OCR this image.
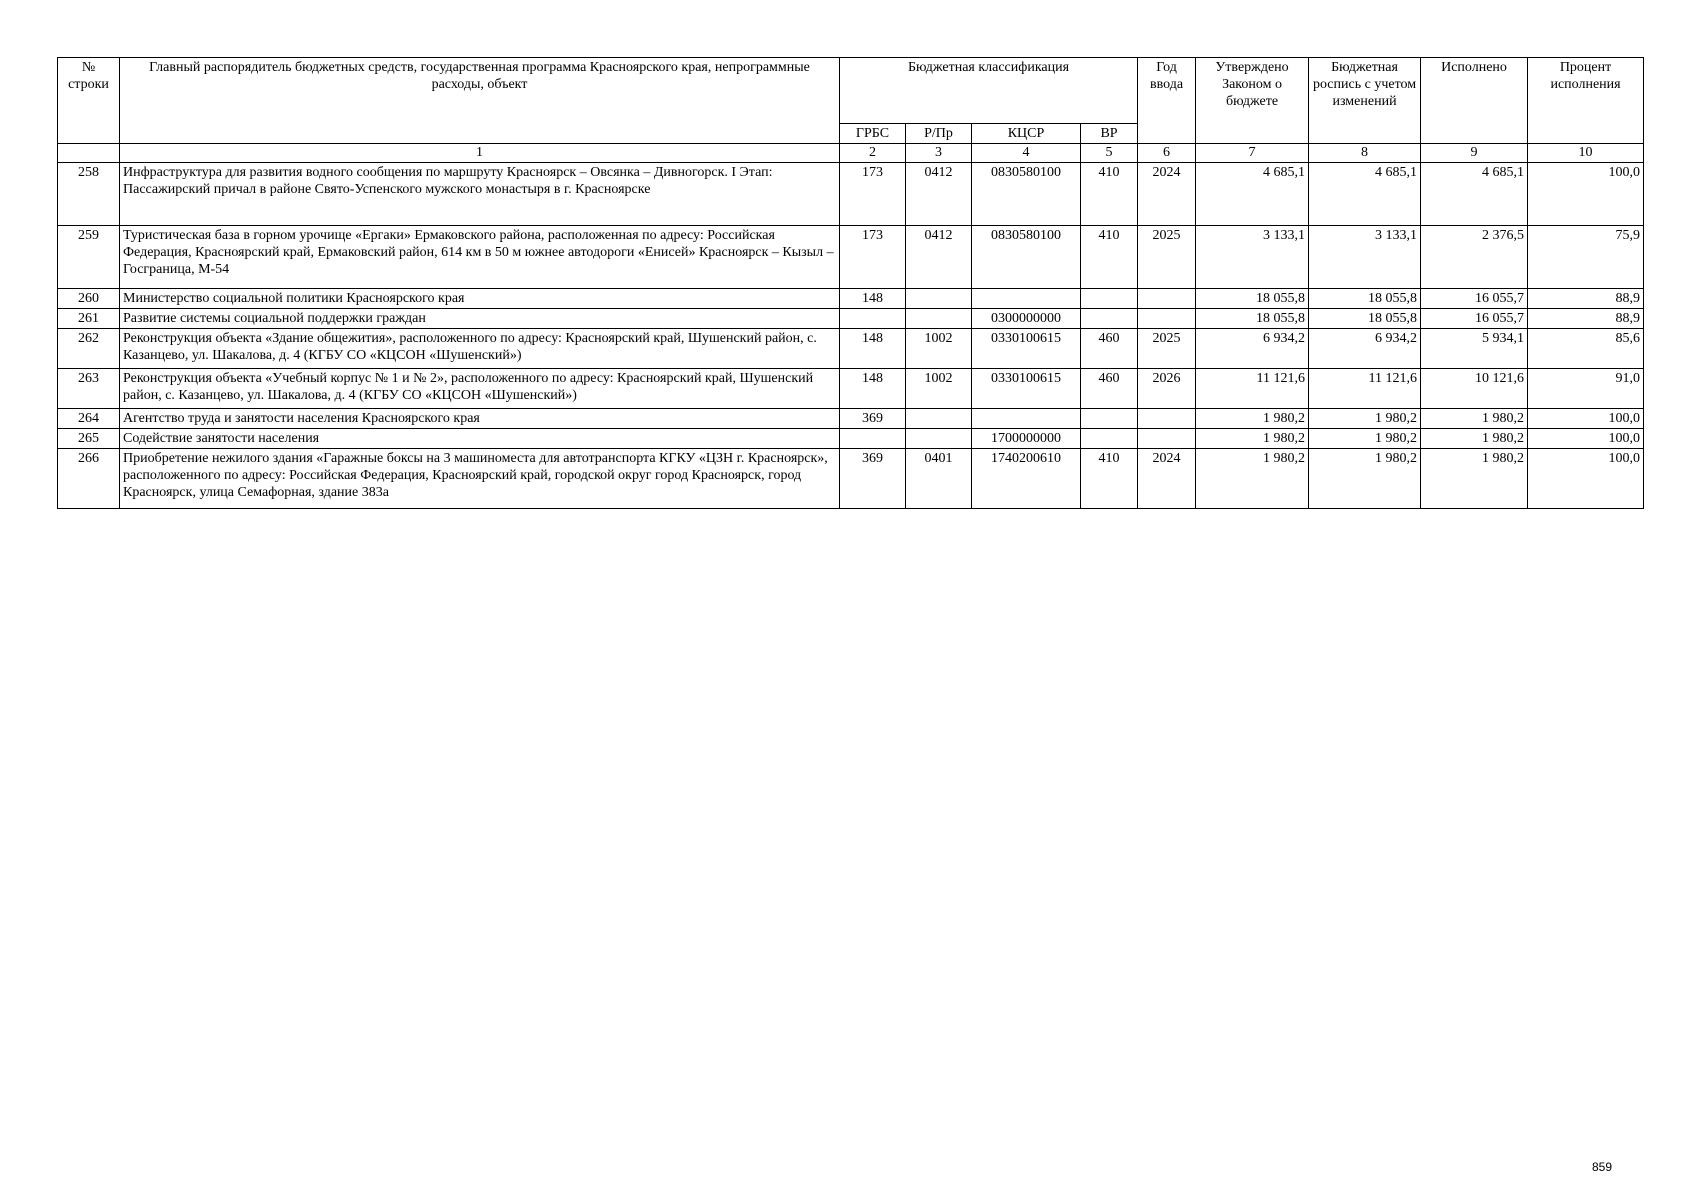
№ строки	Главный распорядитель бюджетных средств, государственная программа Красноярского края, непрограммные расходы, объект	Бюджетная классификация				Год ввода	Утверждено Законом о бюджете	Бюджетная роспись с учетом изменений	Исполнено	Процент исполнения
		ГРБС	Р/Пр	КЦСР	ВР					
	1	2	3	4	5	6	7	8	9	10
258	Инфраструктура для развития водного сообщения по маршруту Красноярск – Овсянка – Дивногорск. I Этап: Пассажирский причал в районе Свято-Успенского мужского монастыря в г. Красноярске	173	0412	0830580100	410	2024	4 685,1	4 685,1	4 685,1	100,0
259	Туристическая база в горном урочище «Ергаки» Ермаковского района, расположенная по адресу: Российская Федерация, Красноярский край, Ермаковский район, 614 км в 50 м южнее автодороги «Енисей» Красноярск – Кызыл – Госграница, М-54	173	0412	0830580100	410	2025	3 133,1	3 133,1	2 376,5	75,9
260	Министерство социальной политики Красноярского края	148					18 055,8	18 055,8	16 055,7	88,9
261	Развитие системы социальной поддержки граждан			0300000000			18 055,8	18 055,8	16 055,7	88,9
262	Реконструкция объекта «Здание общежития», расположенного по адресу: Красноярский край, Шушенский район, с. Казанцево, ул. Шакалова, д. 4 (КГБУ СО «КЦСОН «Шушенский»)	148	1002	0330100615	460	2025	6 934,2	6 934,2	5 934,1	85,6
263	Реконструкция объекта «Учебный корпус № 1 и № 2», расположенного по адресу: Красноярский край, Шушенский район, с. Казанцево, ул. Шакалова, д. 4 (КГБУ СО «КЦСОН «Шушенский»)	148	1002	0330100615	460	2026	11 121,6	11 121,6	10 121,6	91,0
264	Агентство труда и занятости населения Красноярского края	369					1 980,2	1 980,2	1 980,2	100,0
265	Содействие занятости населения			1700000000			1 980,2	1 980,2	1 980,2	100,0
266	Приобретение нежилого здания «Гаражные боксы на 3 машиноместа для автотранспорта КГКУ «ЦЗН г. Красноярск», расположенного по адресу: Российская Федерация, Красноярский край, городской округ город Красноярск, город Красноярск, улица Семафорная, здание 383а	369	0401	1740200610	410	2024	1 980,2	1 980,2	1 980,2	100,0
859
